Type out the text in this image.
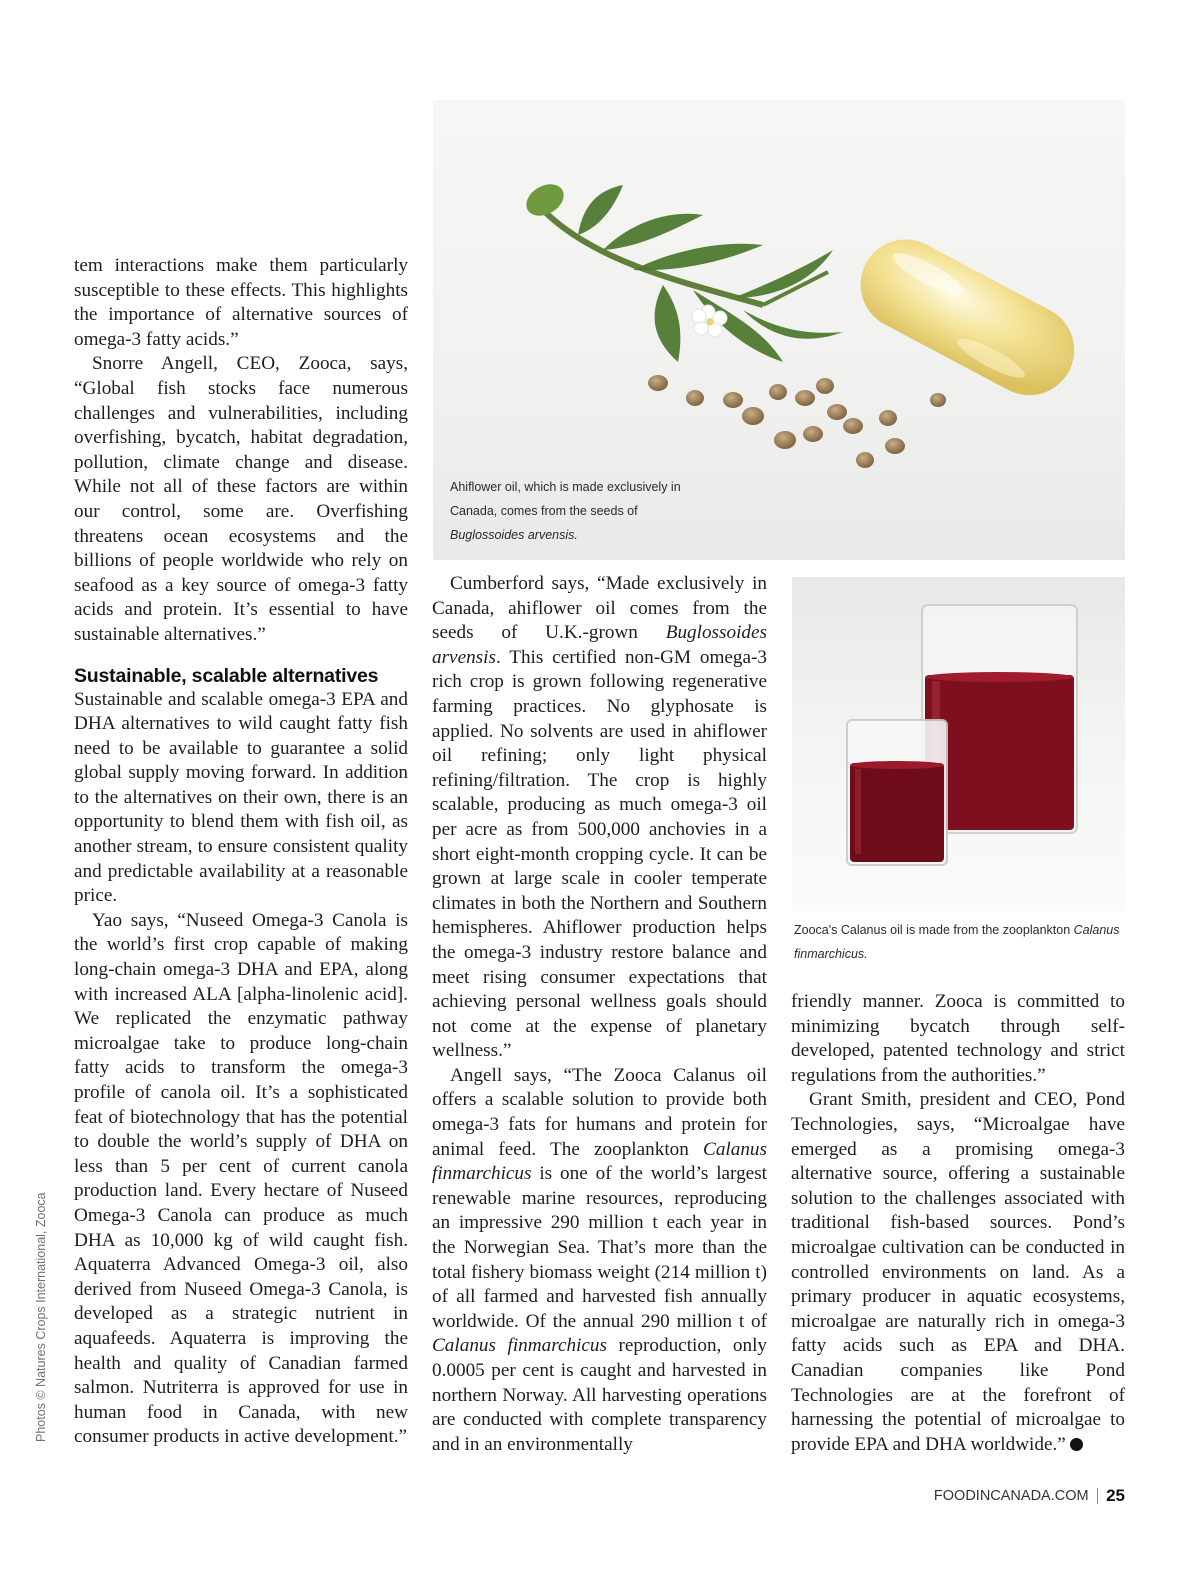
Ahiflower oil, which is made exclusively in Canada, comes from the seeds of Buglossoides arvensis.
Zooca's Calanus oil is made from the zooplankton Calanus finmarchicus.

tem interactions make them particularly susceptible to these effects. This highlights the importance of alternative sources of omega-3 fatty acids.”

Snorre Angell, CEO, Zooca, says, “Global fish stocks face numerous challenges and vulnerabilities, including overfishing, bycatch, habitat degradation, pollution, climate change and disease. While not all of these factors are within our control, some are. Overfishing threatens ocean ecosystems and the billions of people worldwide who rely on seafood as a key source of omega-3 fatty acids and protein. It’s essential to have sustainable alternatives.”

Sustainable, scalable alternatives

Sustainable and scalable omega-3 EPA and DHA alternatives to wild caught fatty fish need to be available to guarantee a solid global supply moving forward. In addition to the alternatives on their own, there is an opportunity to blend them with fish oil, as another stream, to ensure consistent quality and predictable availability at a reasonable price.

Yao says, “Nuseed Omega-3 Canola is the world’s first crop capable of making long-chain omega-3 DHA and EPA, along with increased ALA [alpha-linolenic acid]. We replicated the enzymatic pathway microalgae take to produce long-chain fatty acids to transform the omega-3 profile of canola oil. It’s a sophisticated feat of biotechnology that has the potential to double the world’s supply of DHA on less than 5 per cent of current canola production land. Every hectare of Nuseed Omega-3 Canola can produce as much DHA as 10,000 kg of wild caught fish. Aquaterra Advanced Omega-3 oil, also derived from Nuseed Omega-3 Canola, is developed as a strategic nutrient in aquafeeds. Aquaterra is improving the health and quality of Canadian farmed salmon. Nutriterra is approved for use in human food in Canada, with new consumer products in active development.”

Cumberford says, “Made exclusively in Canada, ahiflower oil comes from the seeds of U.K.-grown Buglossoides arvensis. This certified non-GM omega-3 rich crop is grown following regenerative farming practices. No glyphosate is applied. No solvents are used in ahiflower oil refining; only light physical refining/filtration. The crop is highly scalable, producing as much omega-3 oil per acre as from 500,000 anchovies in a short eight-month cropping cycle. It can be grown at large scale in cooler temperate climates in both the Northern and Southern hemispheres. Ahiflower production helps the omega-3 industry restore balance and meet rising consumer expectations that achieving personal wellness goals should not come at the expense of planetary wellness.”

Angell says, “The Zooca Calanus oil offers a scalable solution to provide both omega-3 fats for humans and protein for animal feed. The zooplankton Calanus finmarchicus is one of the world’s largest renewable marine resources, reproducing an impressive 290 million t each year in the Norwegian Sea. That’s more than the total fishery biomass weight (214 million t) of all farmed and harvested fish annually worldwide. Of the annual 290 million t of Calanus finmarchicus reproduction, only 0.0005 per cent is caught and harvested in northern Norway. All harvesting operations are conducted with complete transparency and in an environmentally

friendly manner. Zooca is committed to minimizing bycatch through self-developed, patented technology and strict regulations from the authorities.”

Grant Smith, president and CEO, Pond Technologies, says, “Microalgae have emerged as a promising omega-3 alternative source, offering a sustainable solution to the challenges associated with traditional fish-based sources. Pond’s microalgae cultivation can be conducted in controlled environments on land. As a primary producer in aquatic ecosystems, microalgae are naturally rich in omega-3 fatty acids such as EPA and DHA. Canadian companies like Pond Technologies are at the forefront of harnessing the potential of microalgae to provide EPA and DHA worldwide.”

Photos © Natures Crops International, Zooca
FOODINCANADA.COM 25
